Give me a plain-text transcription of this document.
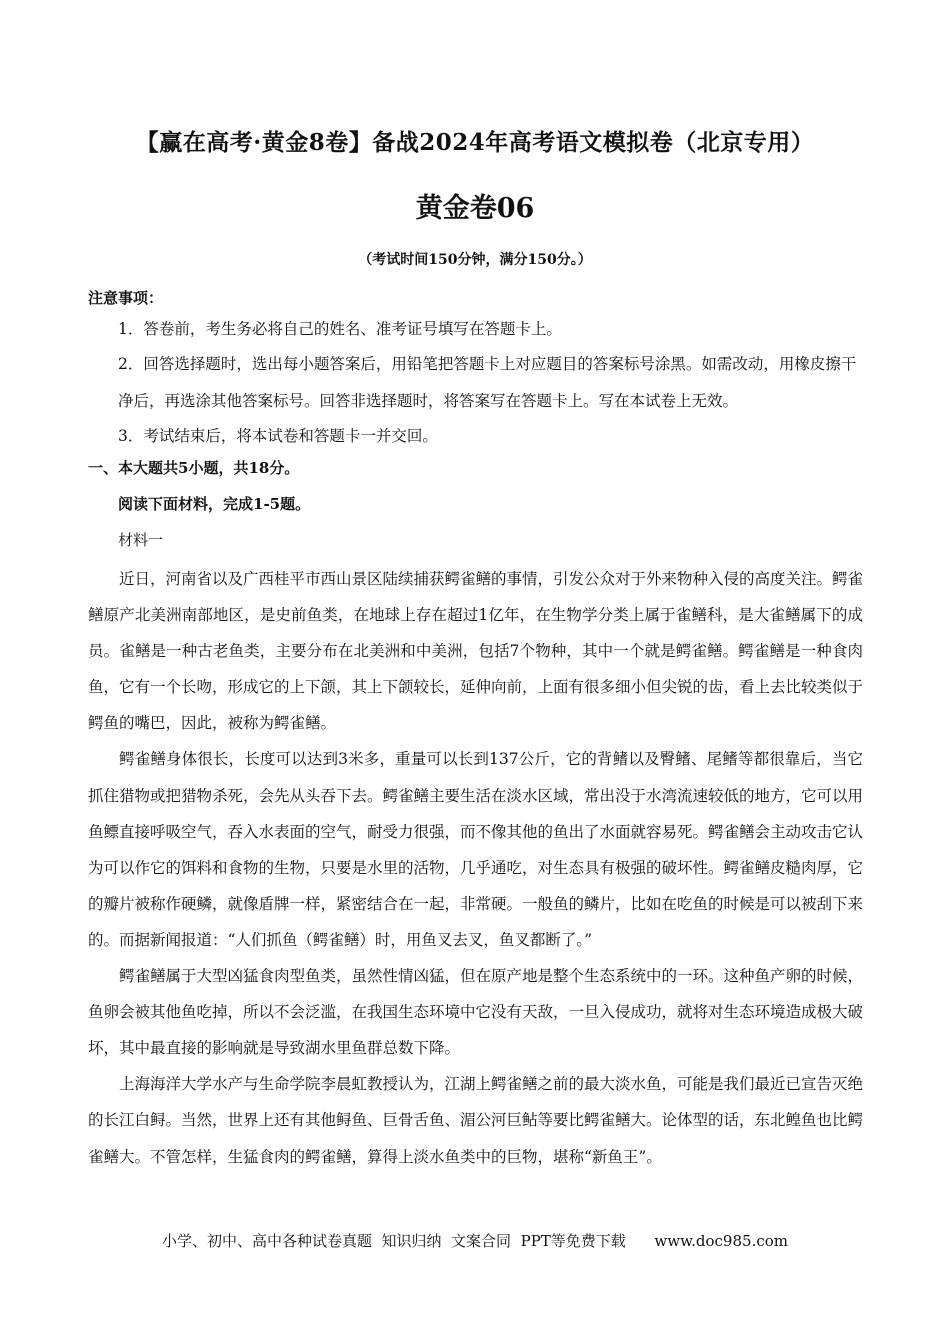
【赢在高考·黄金8卷】备战2024年高考语文模拟卷（北京专用）
黄金卷06
（考试时间150分钟，满分150分。）
注意事项：
1．答卷前，考生务必将自己的姓名、准考证号填写在答题卡上。
2．回答选择题时，选出每小题答案后，用铅笔把答题卡上对应题目的答案标号涂黑。如需改动，用橡皮擦干净后，再选涂其他答案标号。回答非选择题时，将答案写在答题卡上。写在本试卷上无效。
3．考试结束后，将本试卷和答题卡一并交回。
一、本大题共5小题，共18分。
阅读下面材料，完成1-5题。
材料一

近日，河南省以及广西桂平市西山景区陆续捕获鳄雀鳝的事情，引发公众对于外来物种入侵的高度关注。鳄雀鳝原产北美洲南部地区，是史前鱼类，在地球上存在超过1亿年，在生物学分类上属于雀鳝科，是大雀鳝属下的成员。雀鳝是一种古老鱼类，主要分布在北美洲和中美洲，包括7个物种，其中一个就是鳄雀鳝。鳄雀鳝是一种食肉鱼，它有一个长吻，形成它的上下颌，其上下颌较长，延伸向前，上面有很多细小但尖锐的齿，看上去比较类似于鳄鱼的嘴巴，因此，被称为鳄雀鳝。

鳄雀鳝身体很长，长度可以达到3米多，重量可以长到137公斤，它的背鳍以及臀鳍、尾鳍等都很靠后，当它抓住猎物或把猎物杀死，会先从头吞下去。鳄雀鳝主要生活在淡水区域，常出没于水湾流速较低的地方，它可以用鱼鳔直接呼吸空气，吞入水表面的空气，耐受力很强，而不像其他的鱼出了水面就容易死。鳄雀鳝会主动攻击它认为可以作它的饵料和食物的生物，只要是水里的活物，几乎通吃，对生态具有极强的破坏性。鳄雀鳝皮糙肉厚，它的瓣片被称作硬鳞，就像盾牌一样，紧密结合在一起，非常硬。一般鱼的鳞片，比如在吃鱼的时候是可以被刮下来的。而据新闻报道：“人们抓鱼（鳄雀鳝）时，用鱼叉去叉，鱼叉都断了。”

鳄雀鳝属于大型凶猛食肉型鱼类，虽然性情凶猛，但在原产地是整个生态系统中的一环。这种鱼产卵的时候，鱼卵会被其他鱼吃掉，所以不会泛滥，在我国生态环境中它没有天敌，一旦入侵成功，就将对生态环境造成极大破坏，其中最直接的影响就是导致湖水里鱼群总数下降。

上海海洋大学水产与生命学院李晨虹教授认为，江湖上鳄雀鳝之前的最大淡水鱼，可能是我们最近已宣告灭绝的长江白鲟。当然，世界上还有其他鲟鱼、巨骨舌鱼、湄公河巨鲇等要比鳄雀鳝大。论体型的话，东北鳇鱼也比鳄雀鳝大。不管怎样，生猛食肉的鳄雀鳝，算得上淡水鱼类中的巨物，堪称“新鱼王”。

小学、初中、高中各种试卷真题  知识归纳  文案合同  PPT等免费下载      www.doc985.com
